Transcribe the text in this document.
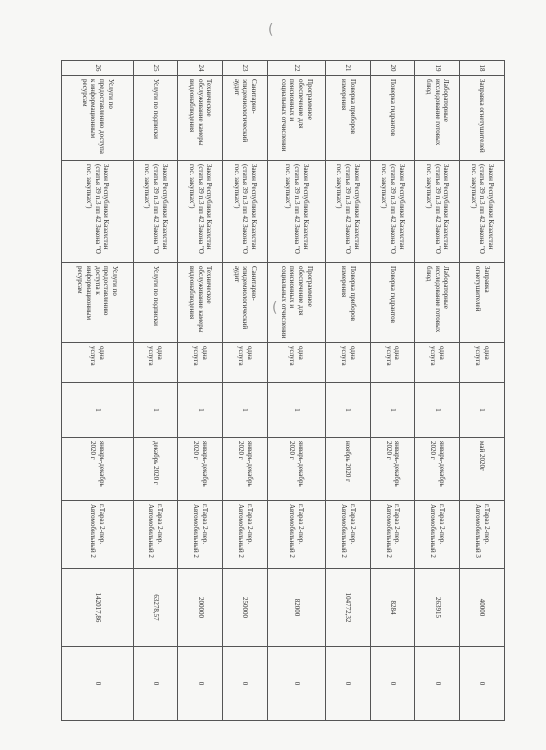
(
(
18	Заправка огнетушителей	Закон Республики Казахстан (статья 39 п.3 пп 42 Закона "О гос. закупках")	Заправка огнетушителей	одна услуга	1	май 2020г	г.Тараз 2-пер. Автомобильный 3	40000	0
19	Лабораторные исследование готовых блюд	Закон Республики Казахстан (статья 39 п.3 пп 42 Закона "О гос. закупках")	Лабораторные исследование готовых блюд	одна услуга	1	январь-декабрь 2020 г	г.Тараз 2-пер. Автомобильный 2	263915	0
20	Поверка гидрантов	Закон Республики Казахстан (статья 39 п.3 пп 42 Закона "О гос. закупках")	Поверка гидрантов	одна услуга	1	январь-декабрь 2020 г	г.Тараз 2-пер. Автомобильный 2	8284	0
21	Поверка приборов измерения	Закон Республики Казахстан (статья 39 п.3 пп 42 Закона "О гос. закупках")	Поверка приборов измерения	одна услуга	1	ноябрь 2020 г	г.Тараз 2-пер. Автомобильный 2	104772,32	0
22	Программное обеспечение для пенсионных и социальных отчислении	Закон Республики Казахстан (статья 39 п.3 пп 42 Закона "О гос. закупках")	Программное обеспечение для пенсионных и социальных отчислении	одна услуга	1	январь-декабрь 2020 г	г.Тараз 2-пер. Автомобильный 2	82000	0
23	Санитарно-эпидемиологический аудит	Закон Республики Казахстан (статья 39 п.3 пп 42 Закона "О гос. закупках")	Санитарно-эпидемиологический аудит	одна услуга	1	январь-декабрь 2020 г	г.Тараз 2-пер. Автомобильный 2	250000	0
24	Техническое обслуживание камеры видеонаблюдения	Закон Республики Казахстан (статья 39 п.3 пп 42 Закона "О гос. закупках")	Техническое обслуживание камеры видеонаблюдения	одна услуга	1	январь-декабрь 2020 г	г.Тараз 2-пер. Автомобильный 2	200000	0
25	Услуги по подписки	Закон Республики Казахстан (статья 39 п.3 пп 42 Закона "О гос. закупках")	Услуги по подписки	одна услуга	1	декабрь 2020 г	г.Тараз 2-пер. Автомобильный 2	63278,57	0
26	Услуги по предоставлению доступа к информационным ресурсам	Закон Республики Казахстан (статья 39 п.3 пп 42 Закона "О гос. закупках")	Услуги по предоставлению доступа к информационным ресурсам	одна услуга	1	январь-декабрь 2020 г	г.Тараз 2-пер. Автомобильный 2	142017,86	0
